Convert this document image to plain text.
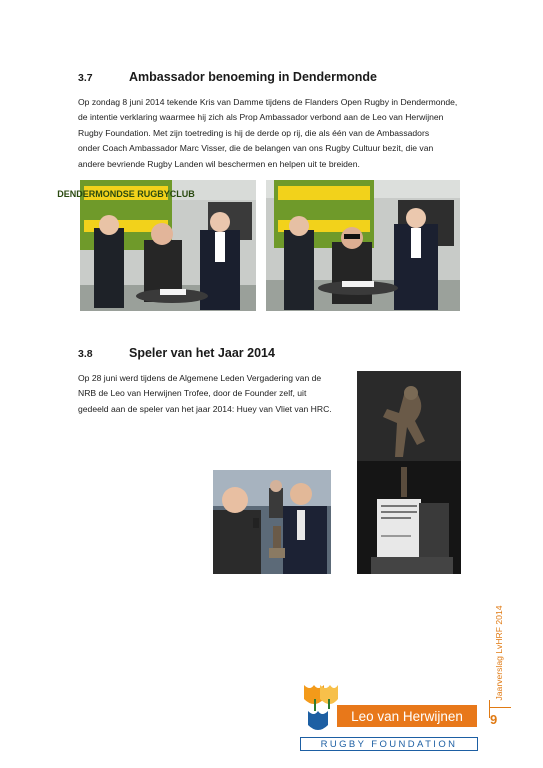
3.7	Ambassador benoeming in Dendermonde
Op zondag 8 juni 2014 tekende Kris van Damme tijdens de Flanders Open Rugby in Dendermonde,
de intentie verklaring waarmee hij zich als Prop Ambassador verbond aan de Leo van Herwijnen
Rugby Foundation. Met zijn toetreding is hij de derde op rij, die als één van de Ambassadors
onder Coach Ambassador Marc Visser, die de belangen van ons Rugby Cultuur bezit, die van
andere bevriende Rugby Landen wil beschermen en helpen uit te breiden.
DENDERMONDSE RUGBYCLUB
3.8	Speler van het Jaar 2014
Op 28 juni werd tijdens de Algemene Leden Vergadering van de
NRB de Leo van Herwijnen Trofee, door de Founder zelf, uit
gedeeld aan de speler van het jaar 2014: Huey van Vliet van HRC.
Jaarverslag LvHRF 2014
9
Leo van Herwijnen
RUGBY FOUNDATION
